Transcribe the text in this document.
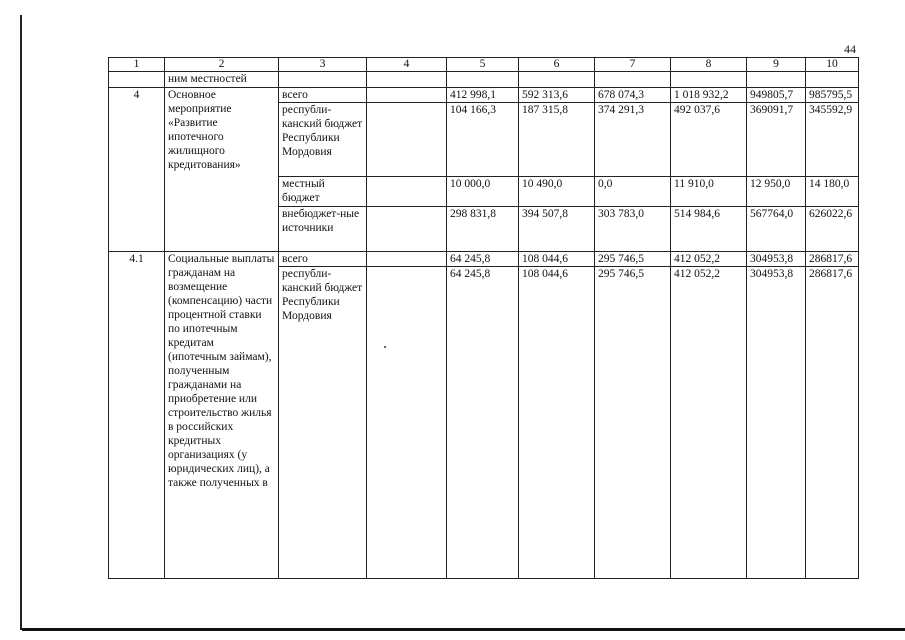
44
1	2	3	4	5	6	7	8	9	10
	ним местностей								
4	Основное мероприятие «Развитие ипотечного жилищного кредитования»	всего		412 998,1	592 313,6	678 074,3	1 018 932,2	949805,7	985795,5
		республи-канский бюджет Республики Мордовия		104 166,3	187 315,8	374 291,3	492 037,6	369091,7	345592,9
		местный бюджет		10 000,0	10 490,0	0,0	11 910,0	12 950,0	14 180,0
		внебюджет-ные источники		298 831,8	394 507,8	303 783,0	514 984,6	567764,0	626022,6
4.1	Социальные выплаты гражданам на возмещение (компенсацию) части процентной ставки по ипотечным кредитам (ипотечным займам), полученным гражданами на приобретение или строительство жилья в российских кредитных организациях (у юридических лиц), а также полученных в	всего		64 245,8	108 044,6	295 746,5	412 052,2	304953,8	286817,6
		республи-канский бюджет Республики Мордовия		64 245,8	108 044,6	295 746,5	412 052,2	304953,8	286817,6
